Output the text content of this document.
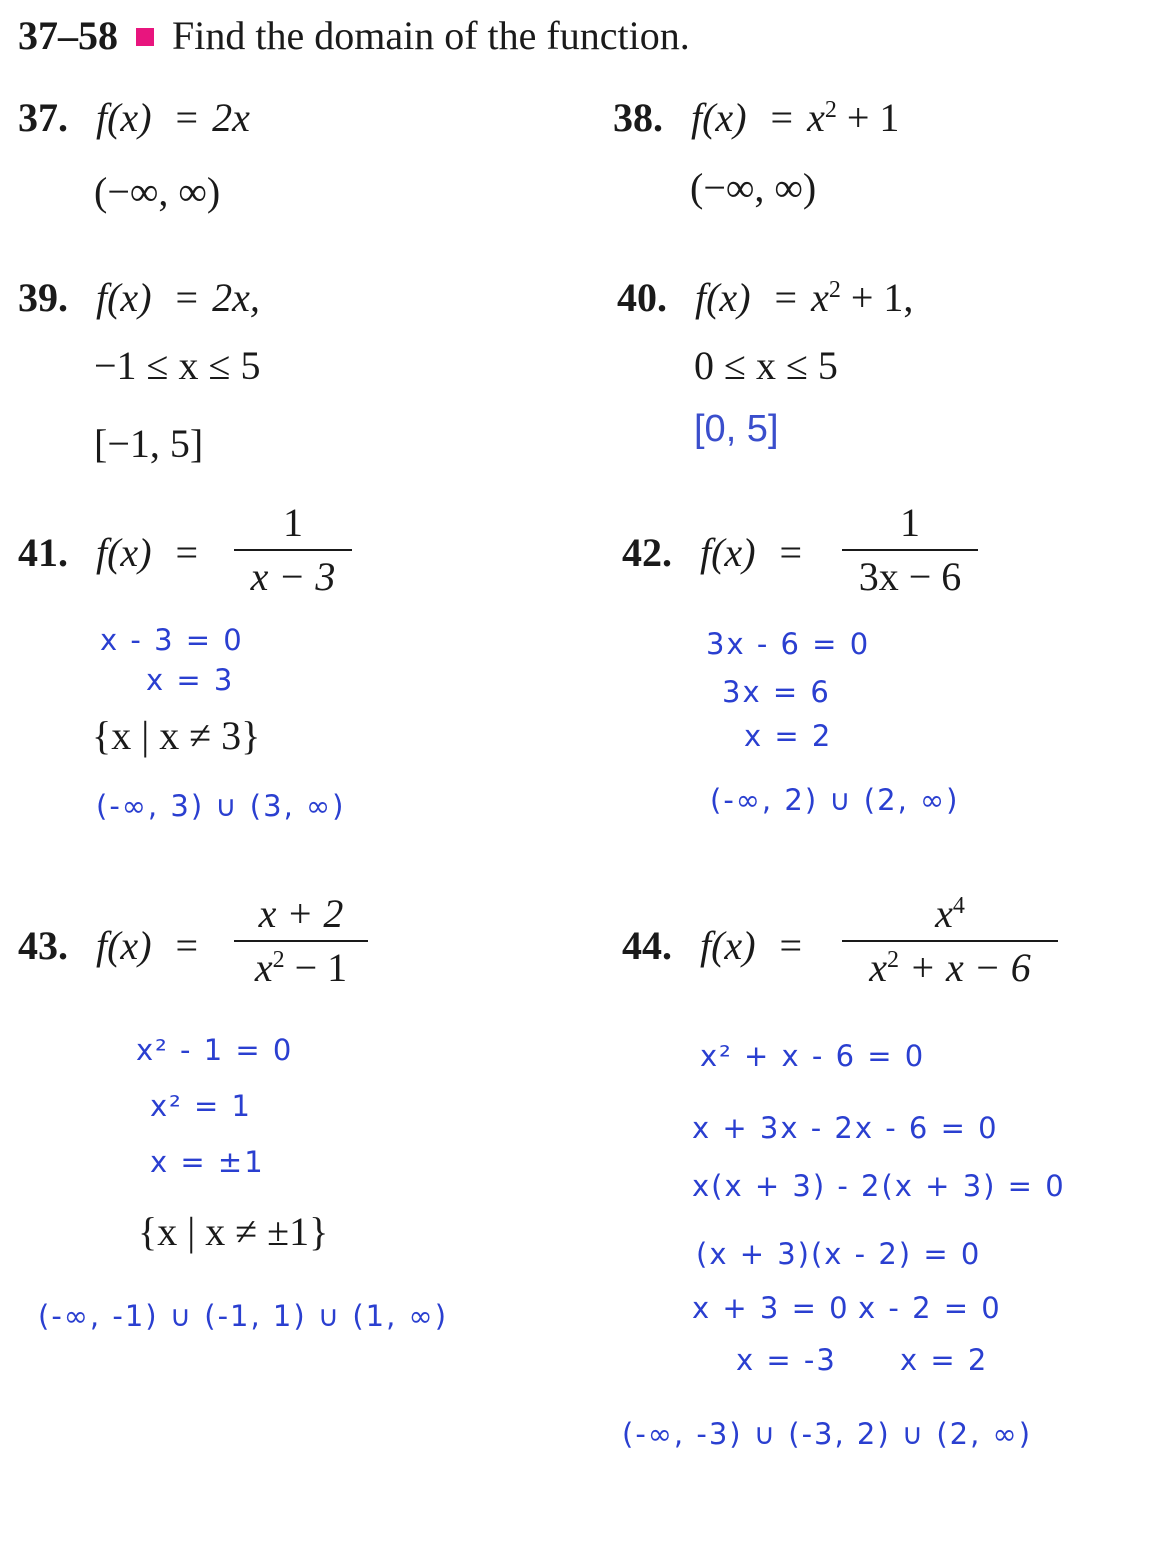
37–58 Find the domain of the function.
37. f(x) = 2x
(−∞, ∞)
38. $f(x) = x^2 + 1$
(−∞, ∞)
39. f(x) = 2x,
−1 ≤ x ≤ 5
[−1, 5]
40. $f(x) = x^2 + 1$,
0 ≤ x ≤ 5
[0, 5]
41. f(x) =
1
x − 3
x - 3 = 0
x = 3
{x | x ≠ 3}
(-∞, 3) ∪ (3, ∞)
42. f(x) =
1
3x − 6
3x - 6 = 0
3x = 6
x = 2
(-∞, 2) ∪ (2, ∞)
43. f(x) =
x + 2
$x^2 - 1$
x² - 1 = 0
x² = 1
x = ±1
{x | x ≠ ±1}
(-∞, -1) ∪ (-1, 1) ∪ (1, ∞)
44. f(x) =
$x^4$
$x^2 + x - 6$
x² + x - 6 = 0
x + 3x - 2x - 6 = 0
x(x + 3) - 2(x + 3) = 0
(x + 3)(x - 2) = 0
x + 3 = 0 x - 2 = 0
x = -3 x = 2
(-∞, -3) ∪ (-3, 2) ∪ (2, ∞)
